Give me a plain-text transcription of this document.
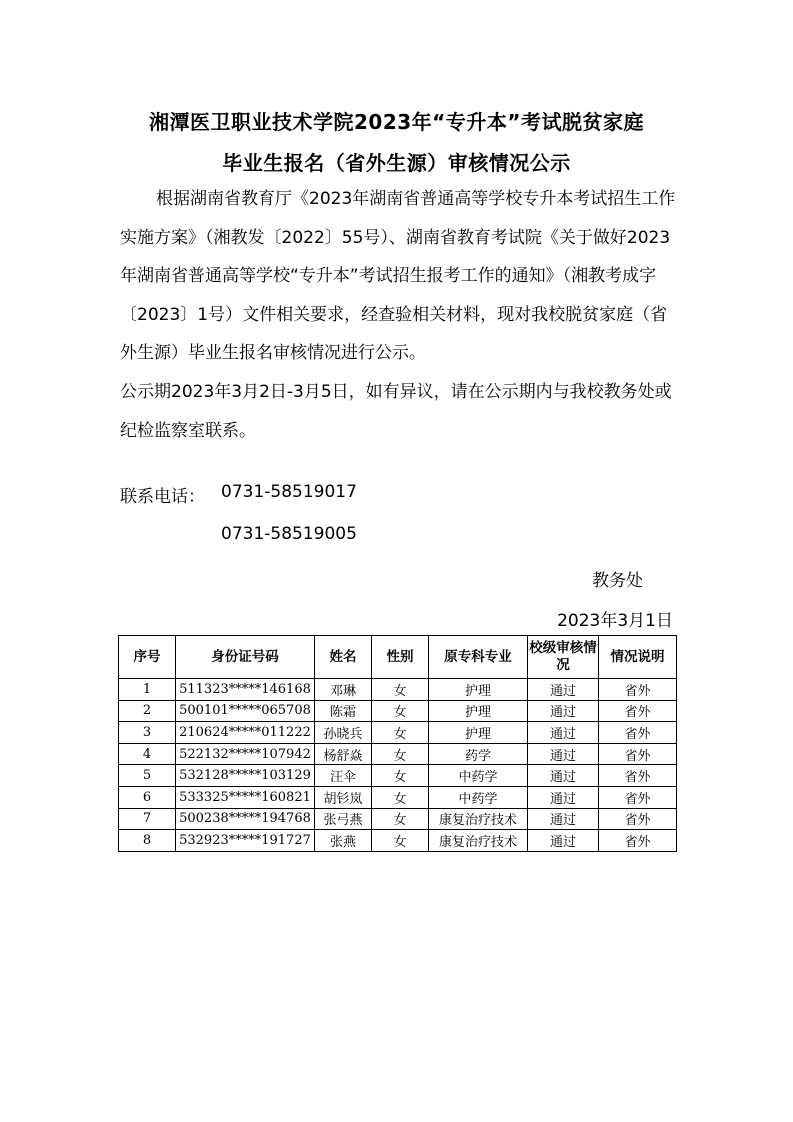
湘潭医卫职业技术学院2023年“专升本”考试脱贫家庭
毕业生报名（省外生源）审核情况公示

根据湖南省教育厅《2023年湖南省普通高等学校专升本考试招生工作实施方案》（湘教发〔2022〕55号）、湖南省教育考试院《关于做好2023年湖南省普通高等学校“专升本”考试招生报考工作的通知》（湘教考成字〔2023〕1号）文件相关要求，经查验相关材料，现对我校脱贫家庭（省外生源）毕业生报名审核情况进行公示。

公示期2023年3月2日-3月5日，如有异议，请在公示期内与我校教务处或纪检监察室联系。

联系电话： 0731-58519017
0731-58519005
教务处
2023年3月1日
序号	身份证号码	姓名	性别	原专科专业	校级审核情况	情况说明
1	511323*****146168	邓琳	女	护理	通过	省外
2	500101*****065708	陈霜	女	护理	通过	省外
3	210624*****011222	孙晓兵	女	护理	通过	省外
4	522132*****107942	杨舒焱	女	药学	通过	省外
5	532128*****103129	汪伞	女	中药学	通过	省外
6	533325*****160821	胡钐岚	女	中药学	通过	省外
7	500238*****194768	张弓燕	女	康复治疗技术	通过	省外
8	532923*****191727	张燕	女	康复治疗技术	通过	省外
